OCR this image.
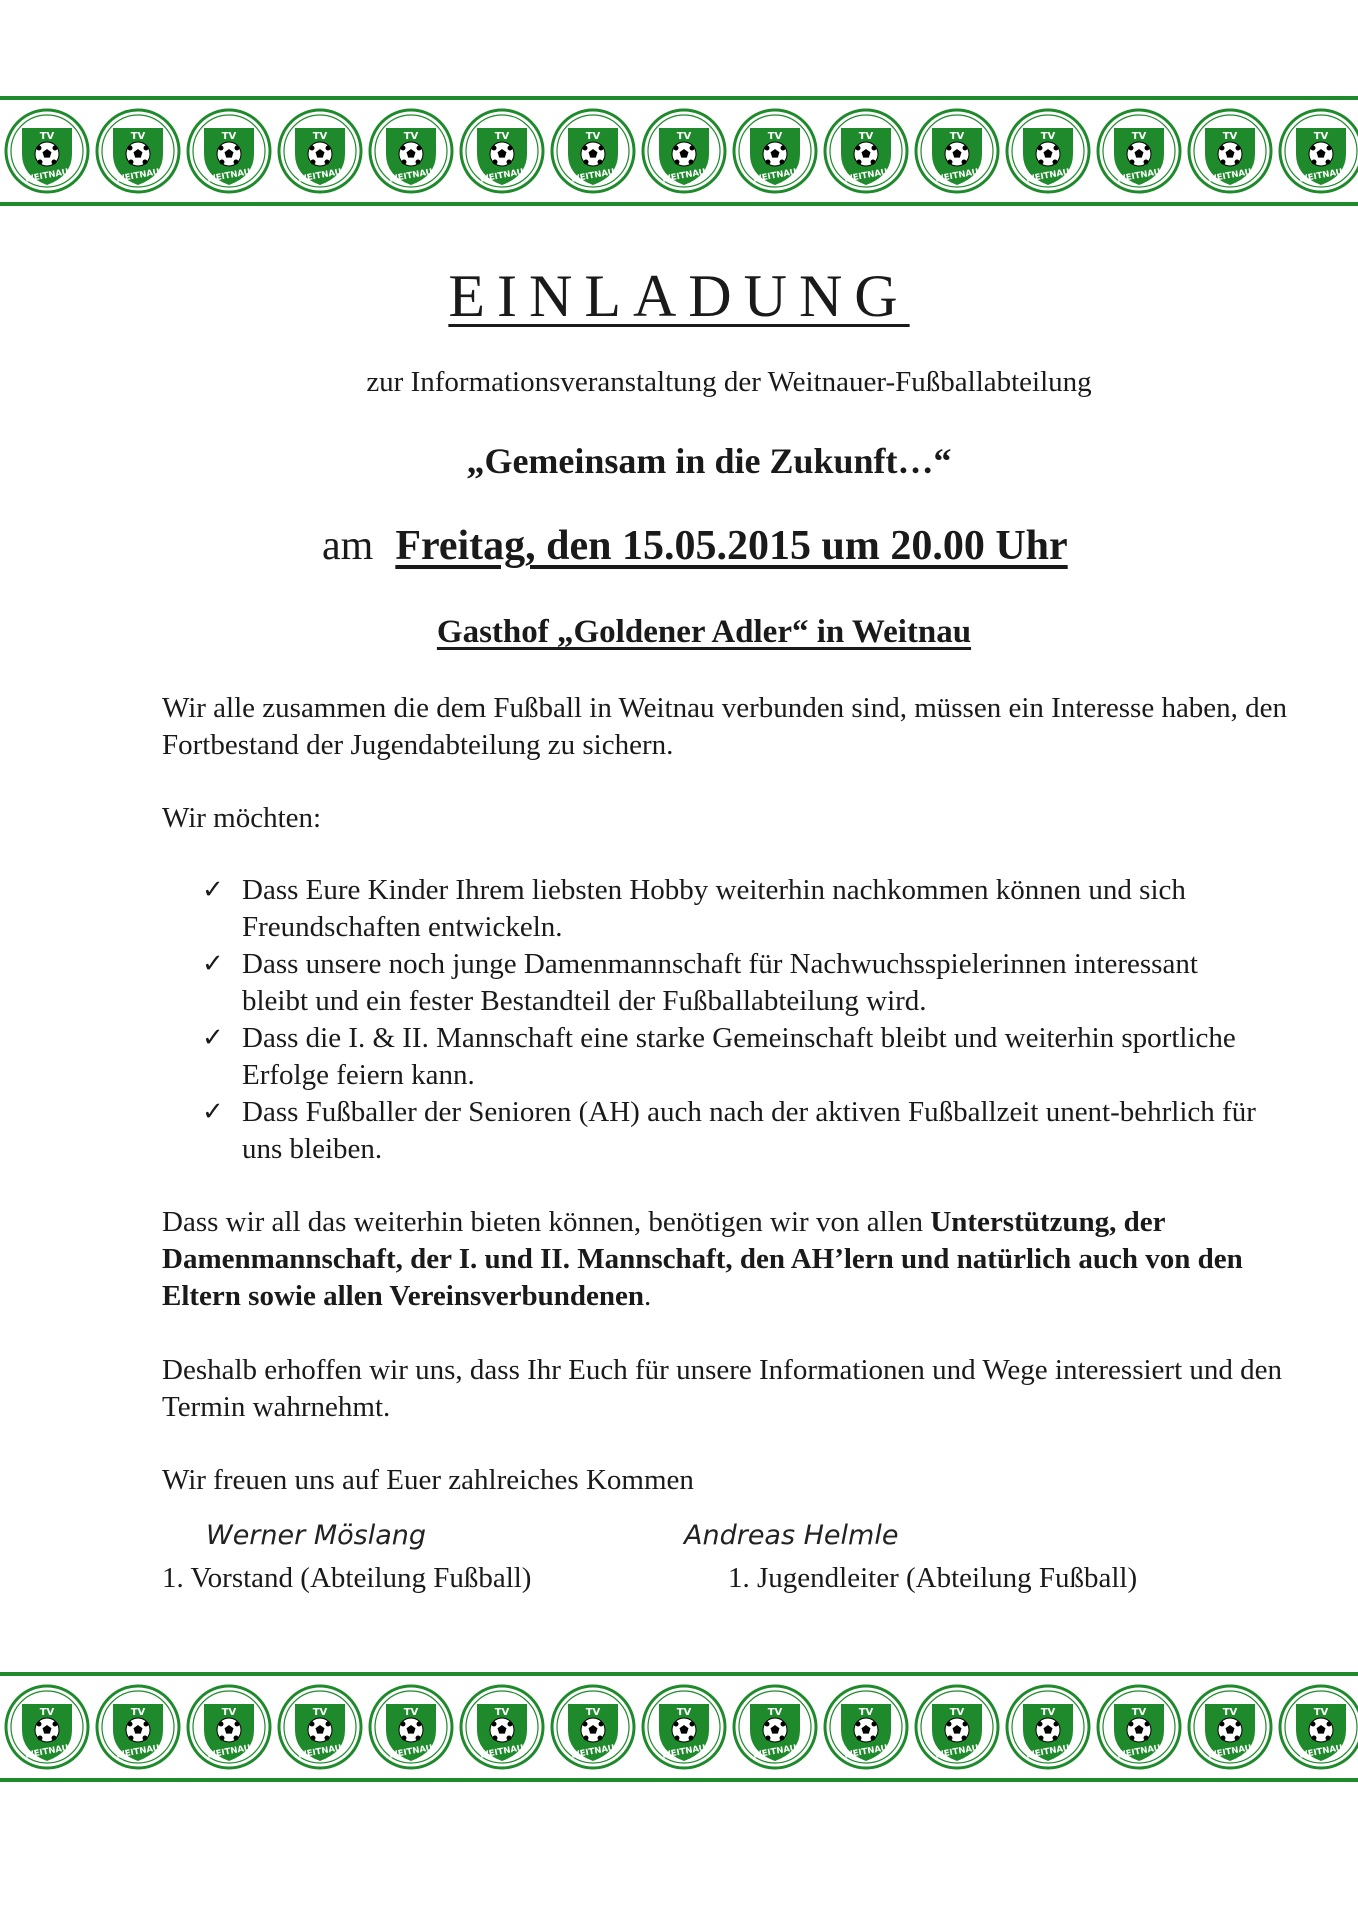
TV
WEITNAU
TV
WEITNAU
TV
WEITNAU
TV
WEITNAU
TV
WEITNAU
TV
WEITNAU
TV
WEITNAU
TV
WEITNAU
TV
WEITNAU
TV
WEITNAU
TV
WEITNAU
TV
WEITNAU
TV
WEITNAU
TV
WEITNAU
TV
WEITNAU
EINLADUNG
zur Informationsveranstaltung der Weitnauer-Fußballabteilung
„Gemeinsam in die Zukunft…“
am Freitag, den 15.05.2015 um 20.00 Uhr
Gasthof „Goldener Adler“ in Weitnau
Wir alle zusammen die dem Fußball in Weitnau verbunden sind, müssen ein Interesse haben, den Fortbestand der Jugendabteilung zu sichern.
Wir möchten:
✓ Dass Eure Kinder Ihrem liebsten Hobby weiterhin nachkommen können und sich Freundschaften entwickeln.
✓ Dass unsere noch junge Damenmannschaft für Nachwuchsspielerinnen interessant bleibt und ein fester Bestandteil der Fußballabteilung wird.
✓ Dass die I. & II. Mannschaft eine starke Gemeinschaft bleibt und weiterhin sportliche Erfolge feiern kann.
✓ Dass Fußballer der Senioren (AH) auch nach der aktiven Fußballzeit unent-behrlich für uns bleiben.
Dass wir all das weiterhin bieten können, benötigen wir von allen Unterstützung, der Damenmannschaft, der I. und II. Mannschaft, den AH’lern und natürlich auch von den Eltern sowie allen Vereinsverbundenen.
Deshalb erhoffen wir uns, dass Ihr Euch für unsere Informationen und Wege interessiert und den Termin wahrnehmt.
Wir freuen uns auf Euer zahlreiches Kommen
Werner Möslang	Andreas Helmle
1. Vorstand (Abteilung Fußball)	1. Jugendleiter (Abteilung Fußball)
TV
WEITNAU
TV
WEITNAU
TV
WEITNAU
TV
WEITNAU
TV
WEITNAU
TV
WEITNAU
TV
WEITNAU
TV
WEITNAU
TV
WEITNAU
TV
WEITNAU
TV
WEITNAU
TV
WEITNAU
TV
WEITNAU
TV
WEITNAU
TV
WEITNAU
